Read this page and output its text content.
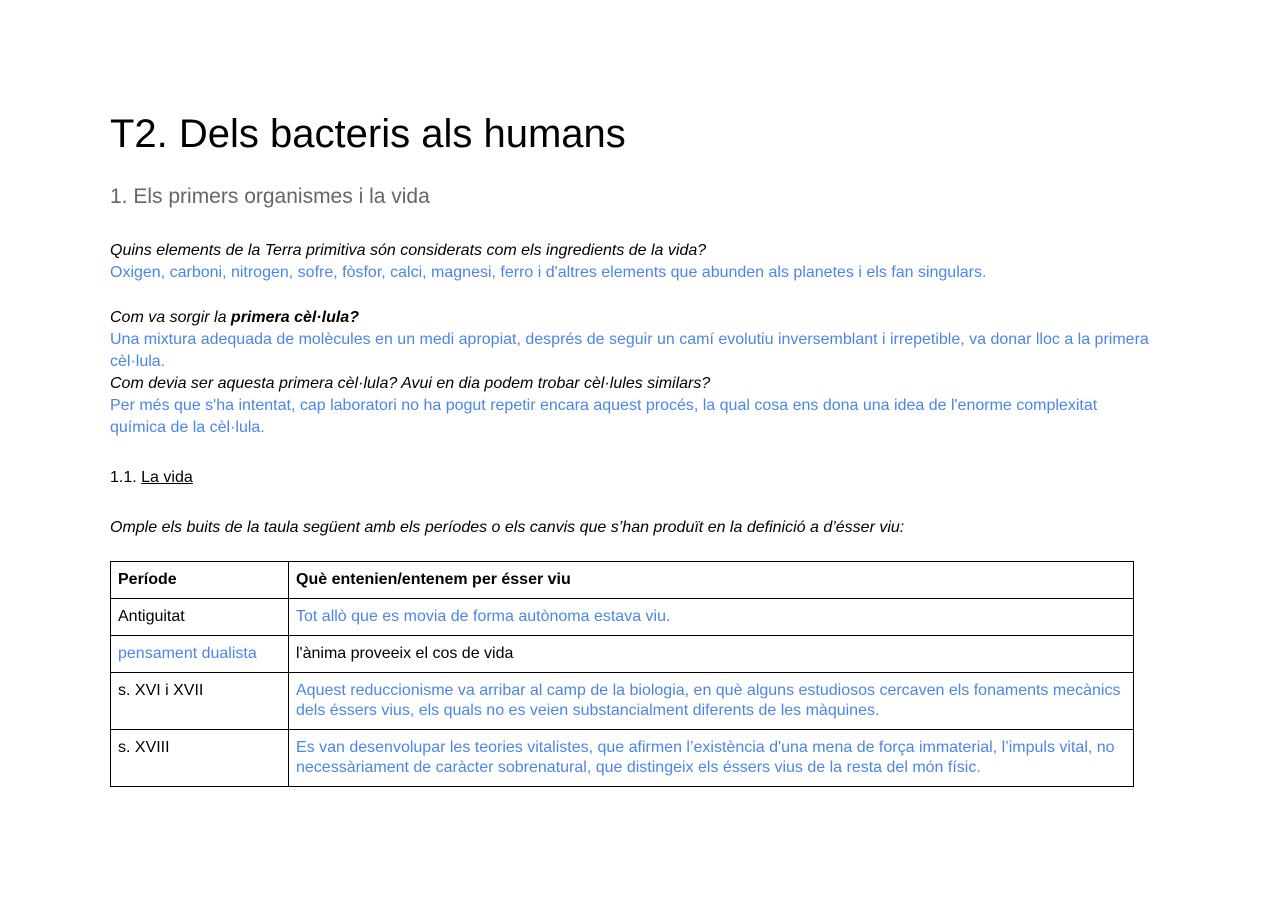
T2. Dels bacteris als humans
1. Els primers organismes i la vida

Quins elements de la Terra primitiva són considerats com els ingredients de la vida?

Oxigen, carboni, nitrogen, sofre, fòsfor, calci, magnesi, ferro i d'altres elements que abunden als planetes i els fan singulars.

Com va sorgir la primera cèl·lula?

Una mixtura adequada de molècules en un medi apropiat, després de seguir un camí evolutiu inversemblant i irrepetible, va donar lloc a la primera cèl·lula.

Com devia ser aquesta primera cèl·lula? Avui en dia podem trobar cèl·lules similars?

Per més que s'ha intentat, cap laboratori no ha pogut repetir encara aquest procés, la qual cosa ens dona una idea de l'enorme complexitat química de la cèl·lula.

1.1. La vida

Omple els buits de la taula següent amb els períodes o els canvis que s’han produït en la definició a d’ésser viu:

Període	Què entenien/entenem per ésser viu
Antiguitat	Tot allò que es movia de forma autònoma estava viu.
pensament dualista	l'ànima proveeix el cos de vida
s. XVI i XVII	Aquest reduccionisme va arribar al camp de la biologia, en què alguns estudiosos cercaven els fonaments mecànics dels éssers vius, els quals no es veien substancialment diferents de les màquines.
s. XVIII	Es van desenvolupar les teories vitalistes, que afirmen l’existència d'una mena de força immaterial, l’impuls vital, no necessàriament de caràcter sobrenatural, que distingeix els éssers vius de la resta del món físic.
